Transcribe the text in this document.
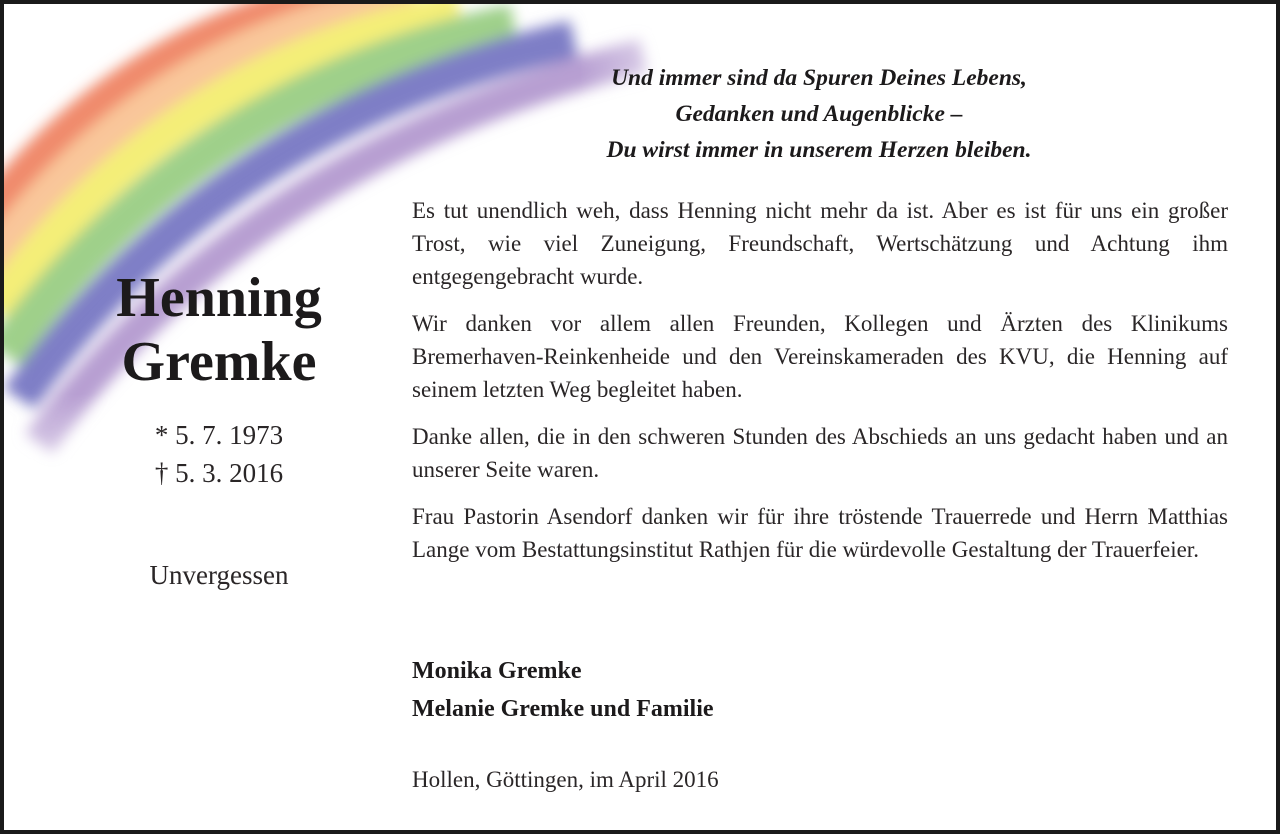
Und immer sind da Spuren Deines Lebens,
Gedanken und Augenblicke –
Du wirst immer in unserem Herzen bleiben.
Henning
Gremke
* 5. 7. 1973
† 5. 3. 2016
Unvergessen

Es tut unendlich weh, dass Henning nicht mehr da ist. Aber es ist für uns ein großer Trost, wie viel Zuneigung, Freundschaft, Wertschätzung und Achtung ihm entgegengebracht wurde.

Wir danken vor allem allen Freunden, Kollegen und Ärzten des Klinikums Bremerhaven-Reinkenheide und den Vereinskameraden des KVU, die Henning auf seinem letzten Weg begleitet haben.

Danke allen, die in den schweren Stunden des Abschieds an uns gedacht haben und an unserer Seite waren.

Frau Pastorin Asendorf danken wir für ihre tröstende Trauerrede und Herrn Matthias Lange vom Bestattungsinstitut Rathjen für die würdevolle Gestaltung der Trauerfeier.

Monika Gremke
Melanie Gremke und Familie
Hollen, Göttingen, im April 2016
